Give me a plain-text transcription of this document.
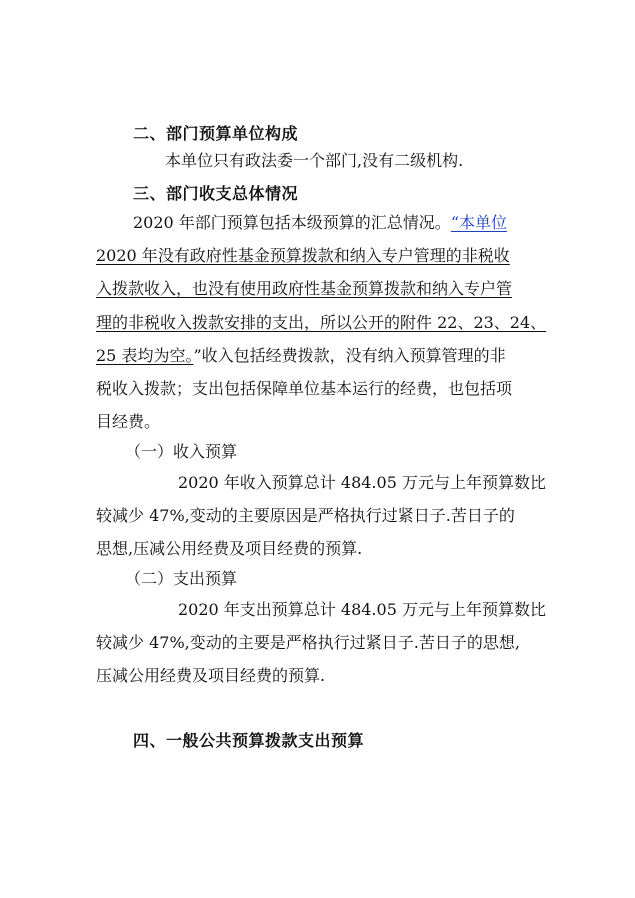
二、部门预算单位构成
本单位只有政法委一个部门,没有二级机构.
三、部门收支总体情况
2020 年部门预算包括本级预算的汇总情况。“本单位
2020 年没有政府性基金预算拨款和纳入专户管理的非税收
入拨款收入，也没有使用政府性基金预算拨款和纳入专户管
理的非税收入拨款安排的支出，所以公开的附件 22、23、24、
25 表均为空。”收入包括经费拨款，没有纳入预算管理的非
税收入拨款；支出包括保障单位基本运行的经费，也包括项
目经费。
（一）收入预算
2020 年收入预算总计 484.05 万元与上年预算数比
较减少 47%,变动的主要原因是严格执行过紧日子.苦日子的
思想,压减公用经费及项目经费的预算.
（二）支出预算
2020 年支出预算总计 484.05 万元与上年预算数比
较减少 47%,变动的主要是严格执行过紧日子.苦日子的思想,
压减公用经费及项目经费的预算.
四、一般公共预算拨款支出预算
